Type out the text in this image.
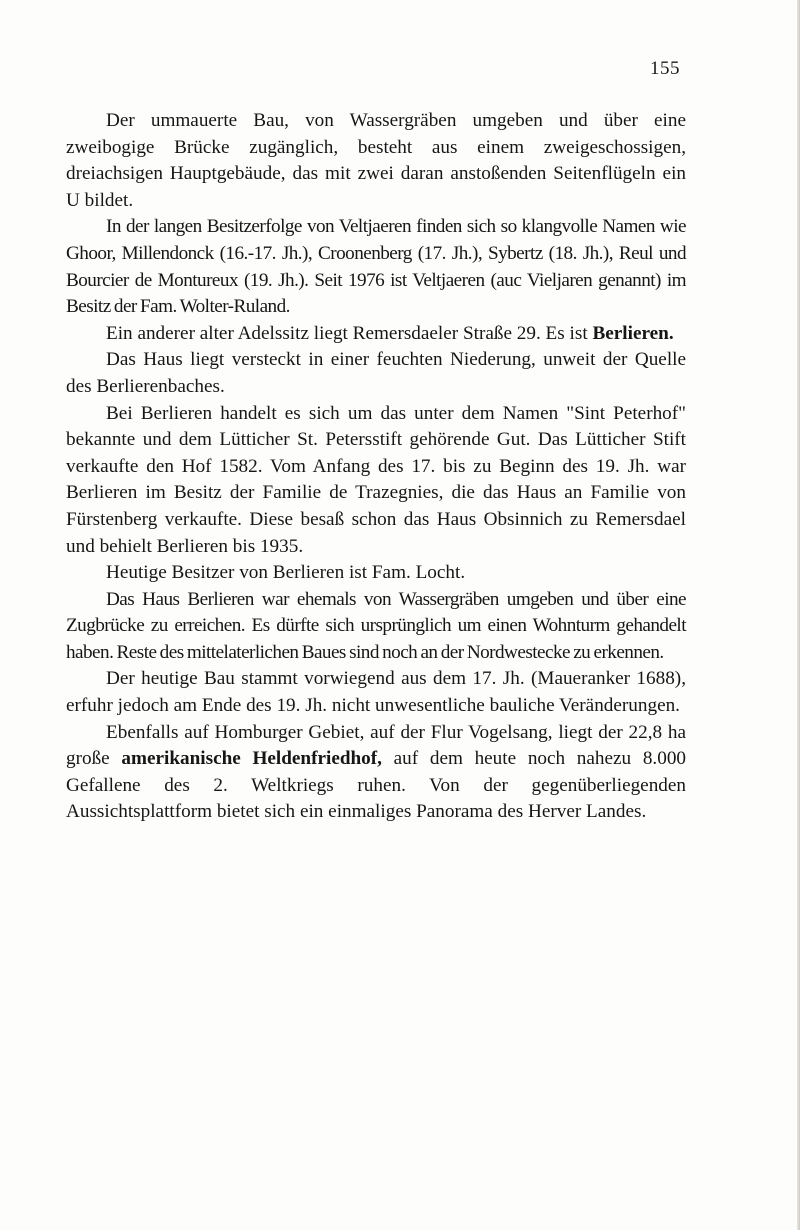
155

Der ummauerte Bau, von Wassergräben umgeben und über eine zweibogige Brücke zugänglich, besteht aus einem zweigeschossigen, dreiachsigen Hauptgebäude, das mit zwei daran anstoßenden Seitenflügeln ein U bildet.

In der langen Besitzerfolge von Veltjaeren finden sich so klangvolle Namen wie Ghoor, Millendonck (16.-17. Jh.), Croonenberg (17. Jh.), Sybertz (18. Jh.), Reul und Bourcier de Montureux (19. Jh.). Seit 1976 ist Veltjaeren (auc Vieljaren genannt) im Besitz der Fam. Wolter-Ruland.

Ein anderer alter Adelssitz liegt Remersdaeler Straße 29. Es ist Berlieren.

Das Haus liegt versteckt in einer feuchten Niederung, unweit der Quelle des Berlierenbaches.

Bei Berlieren handelt es sich um das unter dem Namen "Sint Peterhof" bekannte und dem Lütticher St. Petersstift gehörende Gut. Das Lütticher Stift verkaufte den Hof 1582. Vom Anfang des 17. bis zu Beginn des 19. Jh. war Berlieren im Besitz der Familie de Trazegnies, die das Haus an Familie von Fürstenberg verkaufte. Diese besaß schon das Haus Obsinnich zu Remersdael und behielt Berlieren bis 1935.

Heutige Besitzer von Berlieren ist Fam. Locht.

Das Haus Berlieren war ehemals von Wassergräben umgeben und über eine Zugbrücke zu erreichen. Es dürfte sich ursprünglich um einen Wohnturm gehandelt haben. Reste des mittelaterlichen Baues sind noch an der Nordwestecke zu erkennen.

Der heutige Bau stammt vorwiegend aus dem 17. Jh. (Maueranker 1688), erfuhr jedoch am Ende des 19. Jh. nicht unwesentliche bauliche Veränderungen.

Ebenfalls auf Homburger Gebiet, auf der Flur Vogelsang, liegt der 22,8 ha große amerikanische Heldenfriedhof, auf dem heute noch nahezu 8.000 Gefallene des 2. Weltkriegs ruhen. Von der gegenüberliegenden Aussichtsplattform bietet sich ein einmaliges Panorama des Herver Landes.
